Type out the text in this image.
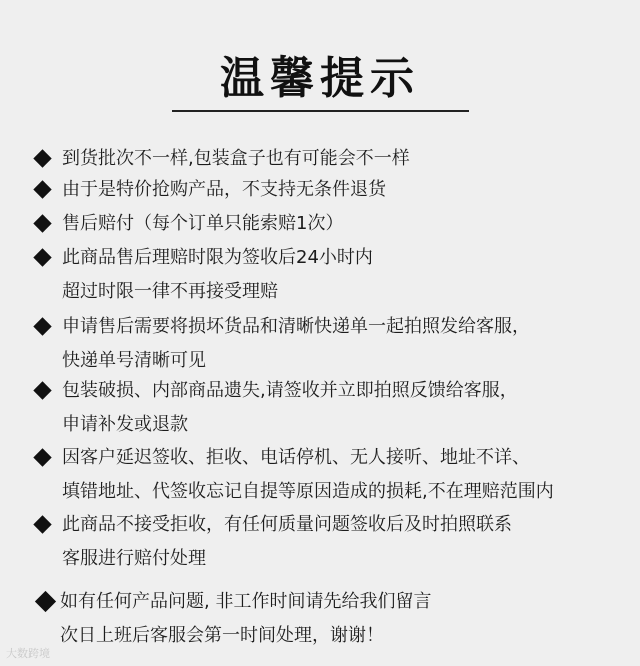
温馨提示
到货批次不一样,包装盒子也有可能会不一样
由于是特价抢购产品，不支持无条件退货
售后赔付（每个订单只能索赔1次）
此商品售后理赔时限为签收后24小时内
超过时限一律不再接受理赔
申请售后需要将损坏货品和清晰快递单一起拍照发给客服，
快递单号清晰可见
包装破损、内部商品遗失,请签收并立即拍照反馈给客服，
申请补发或退款
因客户延迟签收、拒收、电话停机、无人接听、地址不详、
填错地址、代签收忘记自提等原因造成的损耗,不在理赔范围内
此商品不接受拒收，有任何质量问题签收后及时拍照联系
客服进行赔付处理
如有任何产品问题, 非工作时间请先给我们留言
次日上班后客服会第一时间处理，谢谢！
大数跨境
